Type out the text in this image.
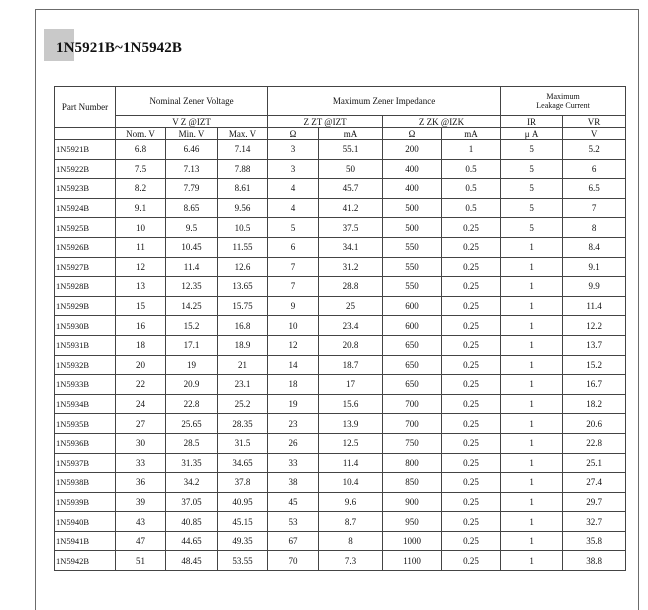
1N5921B~1N5942B
Part Number	Nominal Zener Voltage			Maximum Zener Impedance				Maximum
Leakage Current	

	V Z @IZT			Z ZT @IZT		Z ZK @IZK		IR	VR
	Nom. V	Min. V	Max. V	Ω	mA	Ω	mA	μ A	V
1N5921B	6.8	6.46	7.14	3	55.1	200	1	5	5.2
1N5922B	7.5	7.13	7.88	3	50	400	0.5	5	6
1N5923B	8.2	7.79	8.61	4	45.7	400	0.5	5	6.5
1N5924B	9.1	8.65	9.56	4	41.2	500	0.5	5	7
1N5925B	10	9.5	10.5	5	37.5	500	0.25	5	8
1N5926B	11	10.45	11.55	6	34.1	550	0.25	1	8.4
1N5927B	12	11.4	12.6	7	31.2	550	0.25	1	9.1
1N5928B	13	12.35	13.65	7	28.8	550	0.25	1	9.9
1N5929B	15	14.25	15.75	9	25	600	0.25	1	11.4
1N5930B	16	15.2	16.8	10	23.4	600	0.25	1	12.2
1N5931B	18	17.1	18.9	12	20.8	650	0.25	1	13.7
1N5932B	20	19	21	14	18.7	650	0.25	1	15.2
1N5933B	22	20.9	23.1	18	17	650	0.25	1	16.7
1N5934B	24	22.8	25.2	19	15.6	700	0.25	1	18.2
1N5935B	27	25.65	28.35	23	13.9	700	0.25	1	20.6
1N5936B	30	28.5	31.5	26	12.5	750	0.25	1	22.8
1N5937B	33	31.35	34.65	33	11.4	800	0.25	1	25.1
1N5938B	36	34.2	37.8	38	10.4	850	0.25	1	27.4
1N5939B	39	37.05	40.95	45	9.6	900	0.25	1	29.7
1N5940B	43	40.85	45.15	53	8.7	950	0.25	1	32.7
1N5941B	47	44.65	49.35	67	8	1000	0.25	1	35.8
1N5942B	51	48.45	53.55	70	7.3	1100	0.25	1	38.8
